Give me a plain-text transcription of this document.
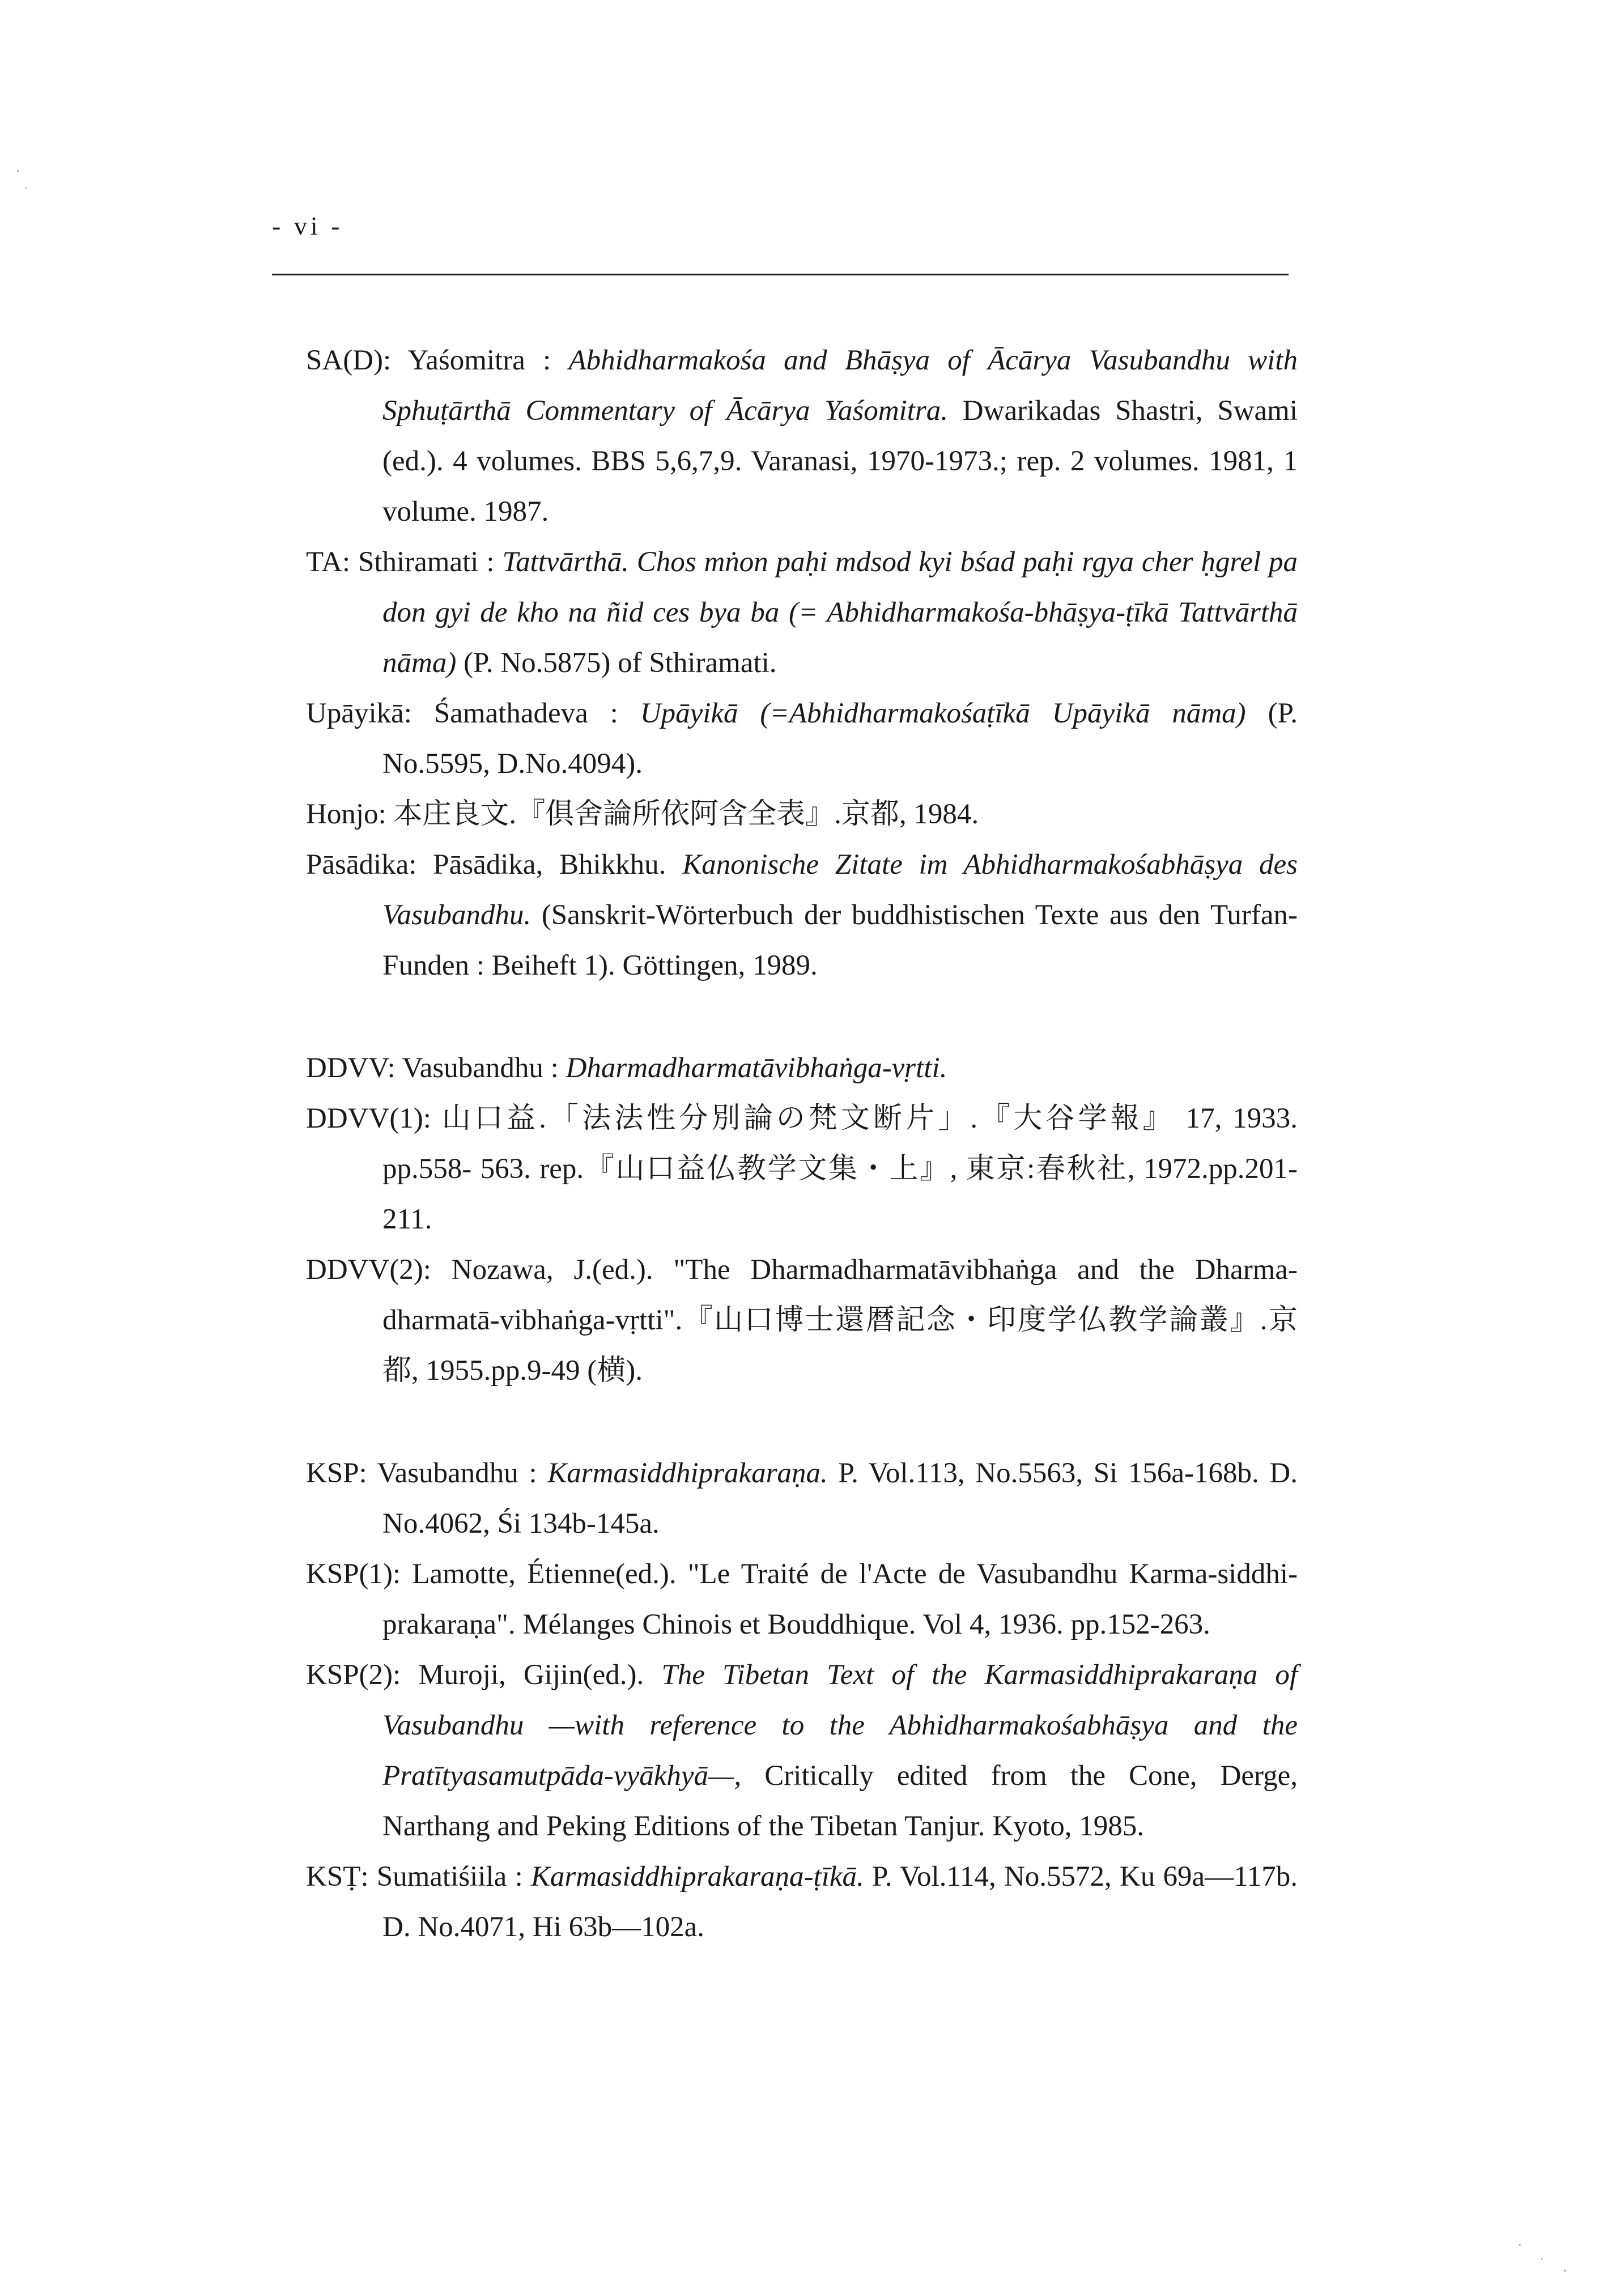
- vi -
SA(D): Yaśomitra : Abhidharmakośa and Bhāṣya of Ācārya Vasubandhu with Sphuṭārthā Commentary of Ācārya Yaśomitra. Dwarikadas Shastri, Swami (ed.). 4 volumes. BBS 5,6,7,9. Varanasi, 1970-1973.; rep. 2 volumes. 1981, 1 volume. 1987.
TA: Sthiramati : Tattvārthā. Chos mṅon paḥi mdsod kyi bśad paḥi rgya cher ḥgrel pa don gyi de kho na ñid ces bya ba (= Abhidharmakośa-bhāṣya-ṭīkā Tattvārthā nāma) (P. No.5875) of Sthiramati.
Upāyikā: Śamathadeva : Upāyikā (=Abhidharmakośaṭīkā Upāyikā nāma) (P. No.5595, D.No.4094).
Honjo: 本庄良文.『俱舍論所依阿含全表』.京都, 1984.
Pāsādika: Pāsādika, Bhikkhu. Kanonische Zitate im Abhidharmakośabhāṣya des Vasubandhu. (Sanskrit-Wörterbuch der buddhistischen Texte aus den Turfan-Funden : Beiheft 1). Göttingen, 1989.
DDVV: Vasubandhu : Dharmadharmatāvibhaṅga-vṛtti.
DDVV(1): 山口益.「法法性分別論の梵文断片」.『大谷学報』 17, 1933. pp.558- 563. rep.『山口益仏教学文集・上』, 東京:春秋社, 1972.pp.201-211.
DDVV(2): Nozawa, J.(ed.). "The Dharmadharmatāvibhaṅga and the Dharma-dharmatā-vibhaṅga-vṛtti".『山口博士還暦記念・印度学仏教学論叢』.京都, 1955.pp.9-49 (横).
KSP: Vasubandhu : Karmasiddhiprakaraṇa. P. Vol.113, No.5563, Si 156a-168b. D. No.4062, Śi 134b-145a.
KSP(1): Lamotte, Étienne(ed.). "Le Traité de l'Acte de Vasubandhu Karma-siddhi-prakaraṇa". Mélanges Chinois et Bouddhique. Vol 4, 1936. pp.152-263.
KSP(2): Muroji, Gijin(ed.). The Tibetan Text of the Karmasiddhiprakaraṇa of Vasubandhu —with reference to the Abhidharmakośabhāṣya and the Pratītyasamutpāda-vyākhyā—, Critically edited from the Cone, Derge, Narthang and Peking Editions of the Tibetan Tanjur. Kyoto, 1985.
KSṬ: Sumatiśiila : Karmasiddhiprakaraṇa-ṭīkā. P. Vol.114, No.5572, Ku 69a—117b. D. No.4071, Hi 63b—102a.
